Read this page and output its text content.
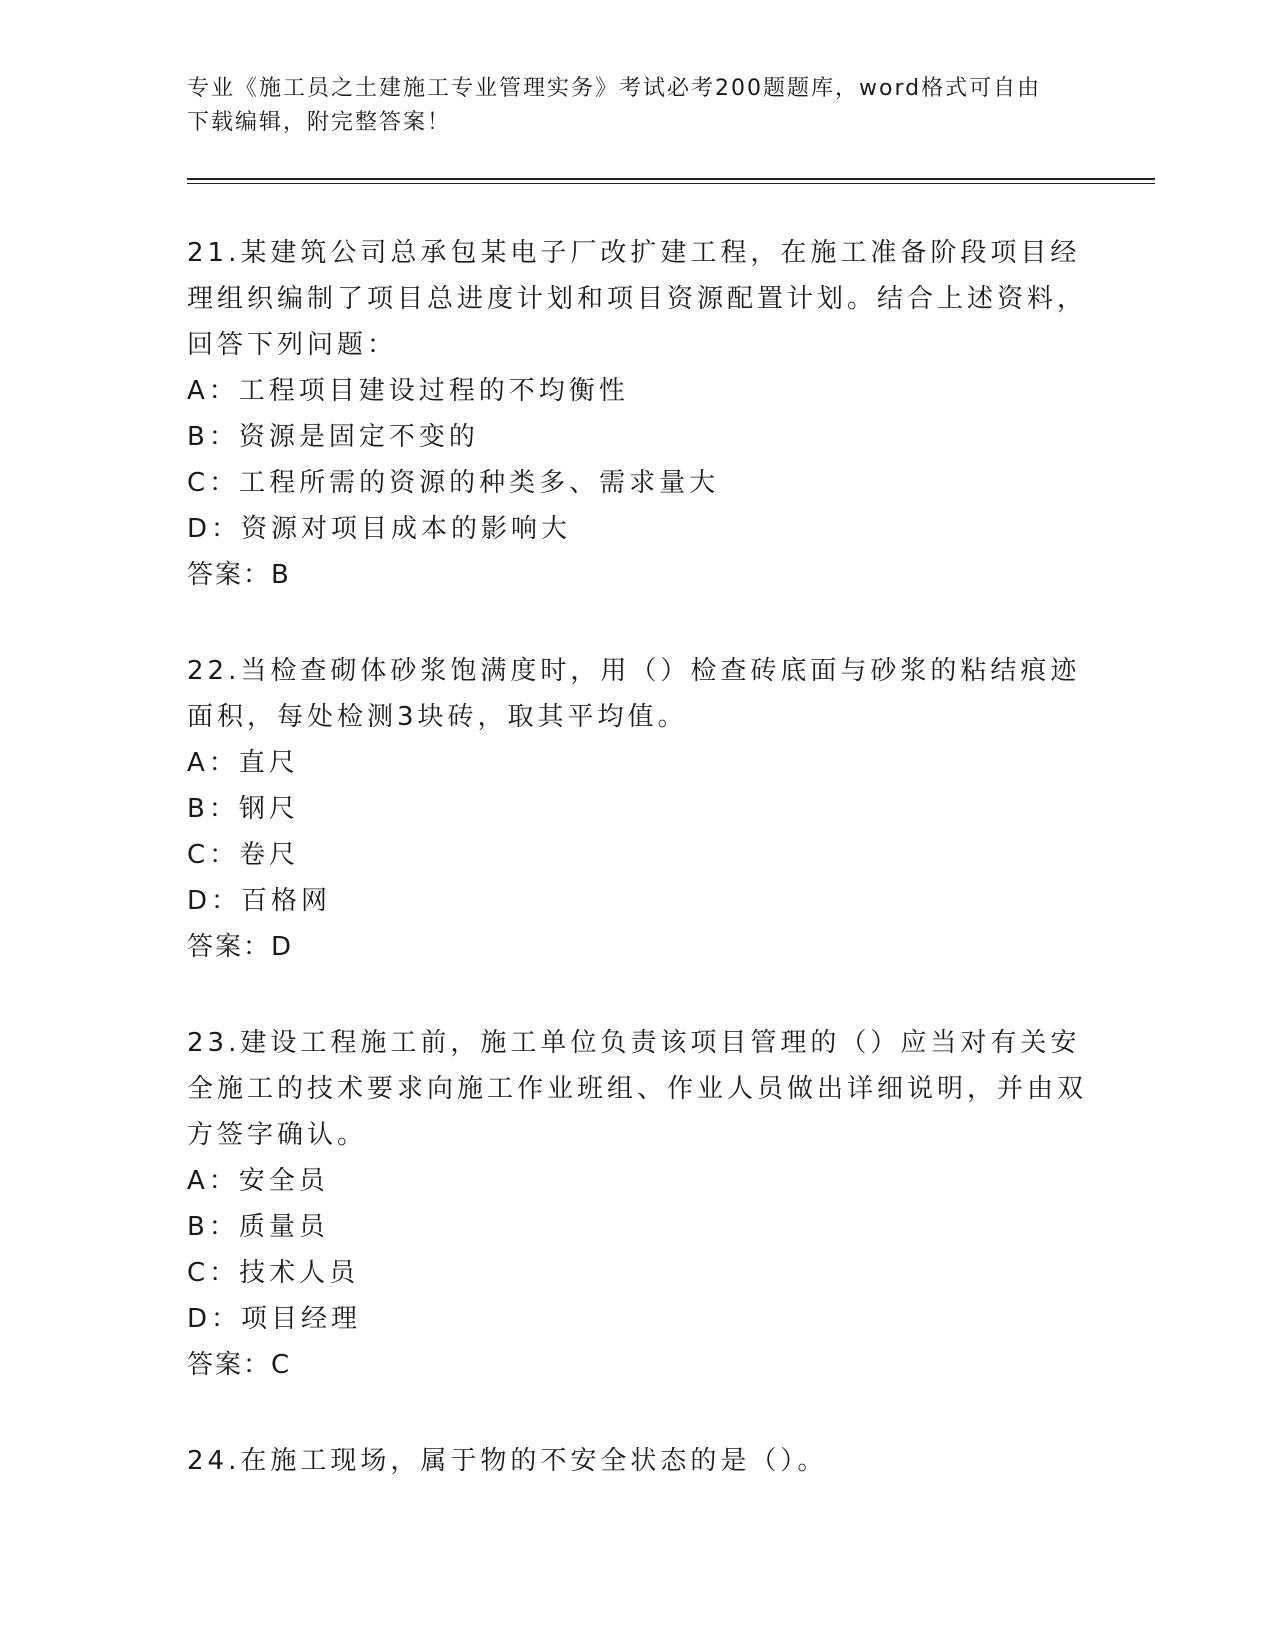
专业《施工员之土建施工专业管理实务》考试必考200题题库，word格式可自由
下载编辑，附完整答案！

21.某建筑公司总承包某电子厂改扩建工程，在施工准备阶段项目经理组织编制了项目总进度计划和项目资源配置计划。结合上述资料，回答下列问题：

A：工程项目建设过程的不均衡性

B：资源是固定不变的

C：工程所需的资源的种类多、需求量大

D：资源对项目成本的影响大

答案：B

22.当检查砌体砂浆饱满度时，用（）检查砖底面与砂浆的粘结痕迹面积，每处检测3块砖，取其平均值。

A：直尺

B：钢尺

C：卷尺

D：百格网

答案：D

23.建设工程施工前，施工单位负责该项目管理的（）应当对有关安全施工的技术要求向施工作业班组、作业人员做出详细说明，并由双方签字确认。

A：安全员

B：质量员

C：技术人员

D：项目经理

答案：C

24.在施工现场，属于物的不安全状态的是（）。
